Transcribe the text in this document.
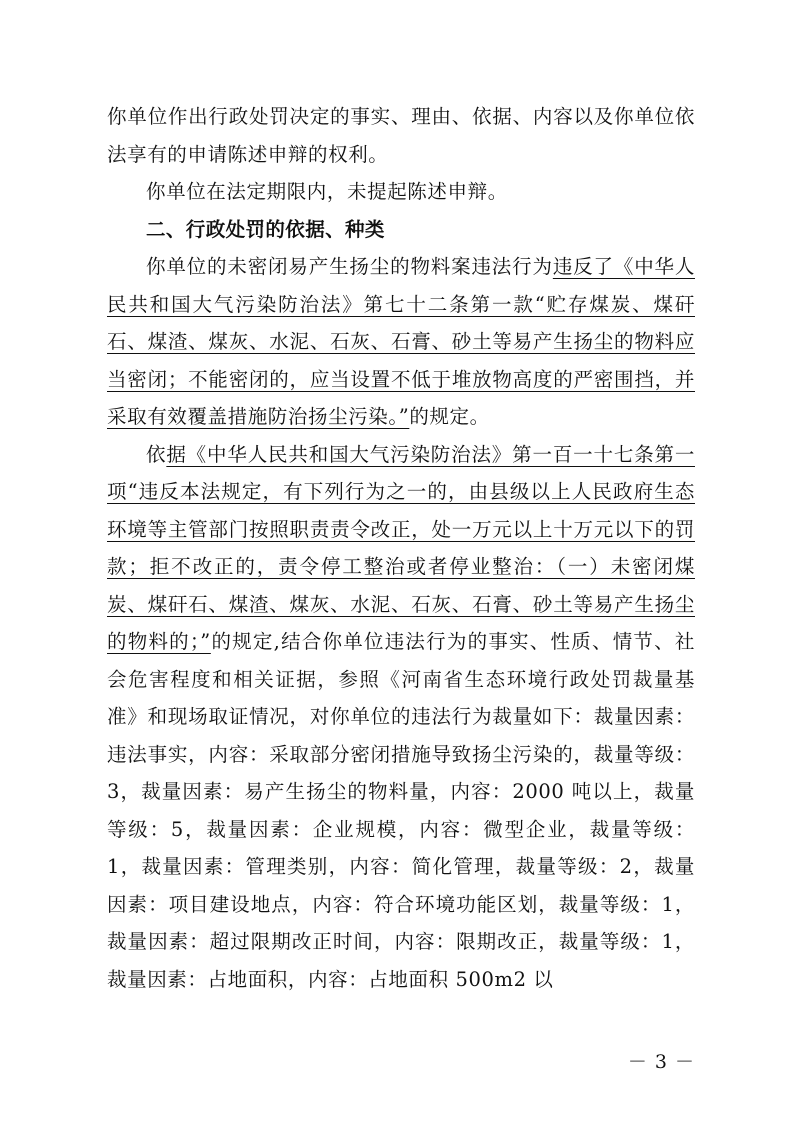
你单位作出行政处罚决定的事实、理由、依据、内容以及你单位依法享有的申请陈述申辩的权利。

你单位在法定期限内，未提起陈述申辩。

二、行政处罚的依据、种类

你单位的未密闭易产生扬尘的物料案违法行为违反了《中华人民共和国大气污染防治法》第七十二条第一款“贮存煤炭、煤矸石、煤渣、煤灰、水泥、石灰、石膏、砂土等易产生扬尘的物料应当密闭；不能密闭的，应当设置不低于堆放物高度的严密围挡，并采取有效覆盖措施防治扬尘污染。”的规定。

依据《中华人民共和国大气污染防治法》第一百一十七条第一项“违反本法规定，有下列行为之一的，由县级以上人民政府生态环境等主管部门按照职责责令改正，处一万元以上十万元以下的罚款；拒不改正的，责令停工整治或者停业整治：（一）未密闭煤炭、煤矸石、煤渣、煤灰、水泥、石灰、石膏、砂土等易产生扬尘的物料的；”的规定,结合你单位违法行为的事实、性质、情节、社会危害程度和相关证据，参照《河南省生态环境行政处罚裁量基准》和现场取证情况，对你单位的违法行为裁量如下：裁量因素：违法事实，内容：采取部分密闭措施导致扬尘污染的，裁量等级：3，裁量因素：易产生扬尘的物料量，内容：2000 吨以上，裁量等级：5，裁量因素：企业规模，内容：微型企业，裁量等级：1，裁量因素：管理类别，内容：简化管理，裁量等级：2，裁量因素：项目建设地点，内容：符合环境功能区划，裁量等级：1，裁量因素：超过限期改正时间，内容：限期改正，裁量等级：1，裁量因素：占地面积，内容：占地面积 500m2 以

－ 3 －
